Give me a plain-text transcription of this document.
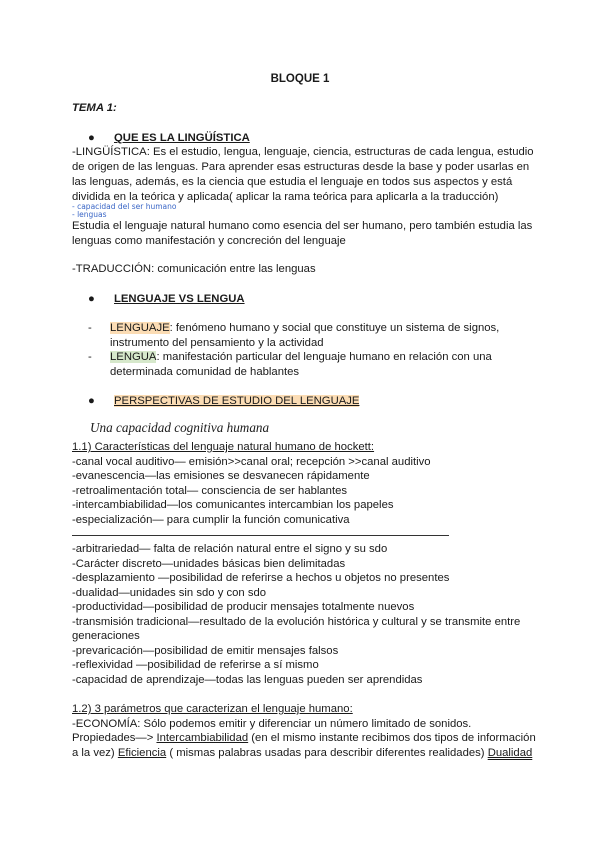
BLOQUE 1
TEMA 1:
● QUE ES LA LINGÜÍSTICA
-LINGÜÍSTICA: Es el estudio, lengua, lenguaje, ciencia, estructuras de cada lengua, estudio
de origen de las lenguas. Para aprender esas estructuras desde la base y poder usarlas en
las lenguas, además, es la ciencia que estudia el lenguaje en todos sus aspectos y está
dividida en la teórica y aplicada( aplicar la rama teórica para aplicarla a la traducción)
- capacidad del ser humano
- lenguas
Estudia el lenguaje natural humano como esencia del ser humano, pero también estudia las
lenguas como manifestación y concreción del lenguaje
-TRADUCCIÓN: comunicación entre las lenguas
● LENGUAJE VS LENGUA
- LENGUAJE: fenómeno humano y social que constituye un sistema de signos,
instrumento del pensamiento y la actividad
- LENGUA: manifestación particular del lenguaje humano en relación con una
determinada comunidad de hablantes
● PERSPECTIVAS DE ESTUDIO DEL LENGUAJE
Una capacidad cognitiva humana
1.1) Características del lenguaje natural humano de hockett:
-canal vocal auditivo— emisión>>canal oral; recepción >>canal auditivo
-evanescencia—las emisiones se desvanecen rápidamente
-retroalimentación total— consciencia de ser hablantes
-intercambiabilidad—los comunicantes intercambian los papeles
-especialización— para cumplir la función comunicativa
-arbitrariedad— falta de relación natural entre el signo y su sdo
-Carácter discreto—unidades básicas bien delimitadas
-desplazamiento —posibilidad de referirse a hechos u objetos no presentes
-dualidad—unidades sin sdo y con sdo
-productividad—posibilidad de producir mensajes totalmente nuevos
-transmisión tradicional—resultado de la evolución histórica y cultural y se transmite entre
generaciones
-prevaricación—posibilidad de emitir mensajes falsos
-reflexividad —posibilidad de referirse a sí mismo
-capacidad de aprendizaje—todas las lenguas pueden ser aprendidas
1.2) 3 parámetros que caracterizan el lenguaje humano:
-ECONOMÍA: Sólo podemos emitir y diferenciar un número limitado de sonidos.
Propiedades—> Intercambiabilidad (en el mismo instante recibimos dos tipos de información
a la vez) Eficiencia ( mismas palabras usadas para describir diferentes realidades) Dualidad
